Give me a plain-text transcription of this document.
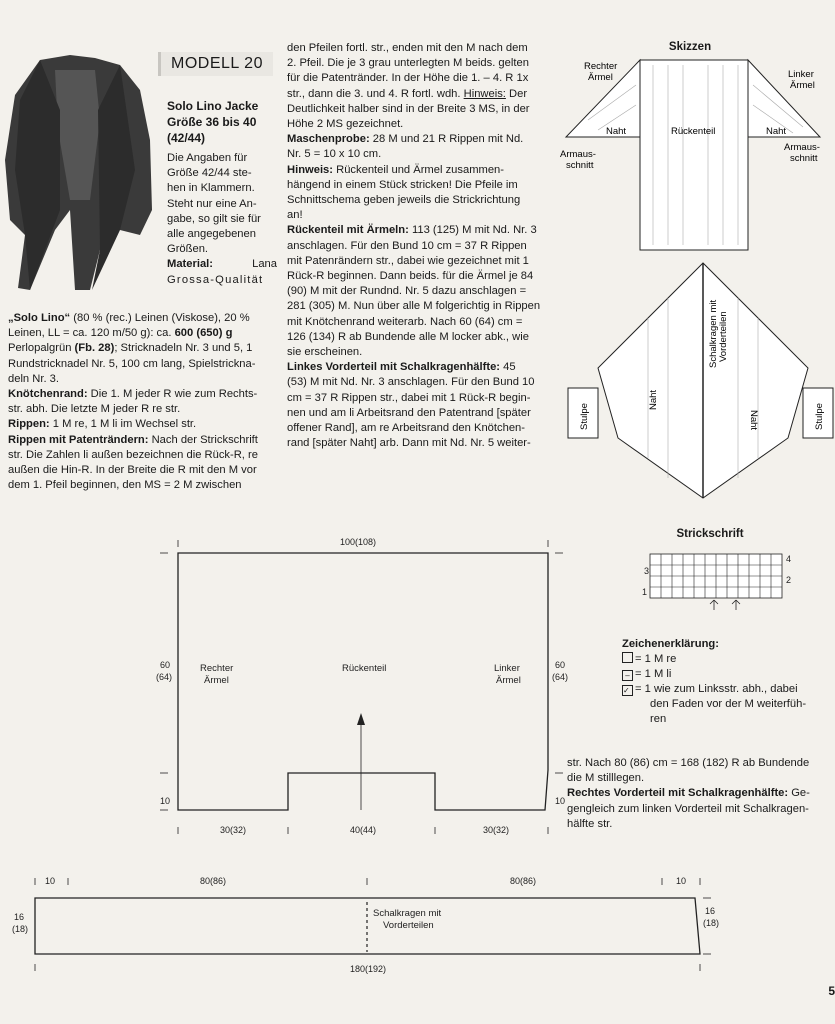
MODELL 20
Solo Lino Jacke
Größe 36 bis 40
(42/44)
Die Angaben für
Größe 42/44 ste-
hen in Klammern.
Steht nur eine An-
gabe, so gilt sie für
alle angegebenen
Größen.
Material:	Lana
Grossa-Qualität
„Solo Lino“ (80 % (rec.) Leinen (Viskose), 20 %
Leinen, LL = ca. 120 m/50 g): ca. 600 (650) g
Perlopalgrün (Fb. 28); Stricknadeln Nr. 3 und 5, 1
Rundstricknadel Nr. 5, 100 cm lang, Spielstrickna-
deln Nr. 3.
Knötchenrand: Die 1. M jeder R wie zum Rechts-
str. abh. Die letzte M jeder R re str.
Rippen: 1 M re, 1 M li im Wechsel str.
Rippen mit Patenträndern: Nach der Strickschrift
str. Die Zahlen li außen bezeichnen die Rück-R, re
außen die Hin-R. In der Breite die R mit den M vor
dem 1. Pfeil beginnen, den MS = 2 M zwischen
den Pfeilen fortl. str., enden mit den M nach dem
2. Pfeil. Die je 3 grau unterlegten M beids. gelten
für die Patentränder. In der Höhe die 1. – 4. R 1x
str., dann die 3. und 4. R fortl. wdh. Hinweis: Der
Deutlichkeit halber sind in der Breite 3 MS, in der
Höhe 2 MS gezeichnet.
Maschenprobe: 28 M und 21 R Rippen mit Nd.
Nr. 5 = 10 x 10 cm.
Hinweis: Rückenteil und Ärmel zusammen-
hängend in einem Stück stricken! Die Pfeile im
Schnittschema geben jeweils die Strickrichtung
an!
Rückenteil mit Ärmeln: 113 (125) M mit Nd. Nr. 3
anschlagen. Für den Bund 10 cm = 37 R Rippen
mit Patenrändern str., dabei wie gezeichnet mit 1
Rück-R beginnen. Dann beids. für die Ärmel je 84
(90) M mit der Rundnd. Nr. 5 dazu anschlagen =
281 (305) M. Nun über alle M folgerichtig in Rippen
mit Knötchenrand weiterarb. Nach 60 (64) cm =
126 (134) R ab Bundende alle M locker abk., wie
sie erscheinen.
Linkes Vorderteil mit Schalkragenhälfte: 45
(53) M mit Nd. Nr. 3 anschlagen. Für den Bund 10
cm = 37 R Rippen str., dabei mit 1 Rück-R begin-
nen und am li Arbeitsrand den Patentrand [später
offener Rand], am re Arbeitsrand den Knötchen-
rand [später Naht] arb. Dann mit Nd. Nr. 5 weiter-
Skizzen
Rechter
Ärmel	Linker
Ärmel
Naht	Rückenteil	Naht
Armaus-
schnitt
Armaus-
schnitt
Stulpe
Naht
Schalkragen mit Vorderteilen
Naht	Stulpe
Strickschrift
3
1
4
2
Zeichenerklärung:
= 1 M re
– = 1 M li
✓ = 1 wie zum Linksstr. abh., dabei
den Faden vor der M weiterfüh-
ren
str. Nach 80 (86) cm = 168 (182) R ab Bundende
die M stilllegen.
Rechtes Vorderteil mit Schalkragenhälfte: Ge-
gengleich zum linken Vorderteil mit Schalkragen-
hälfte str.
100(108)
60
(64)
60
(64)
10	10
30(32)	40(44)	30(32)
Rechter
Ärmel
Rückenteil	Linker
Ärmel
10	80(86)	80(86)	10
16
(18)
16
(18)
180(192)
Schalkragen mit
Vorderteilen
5
